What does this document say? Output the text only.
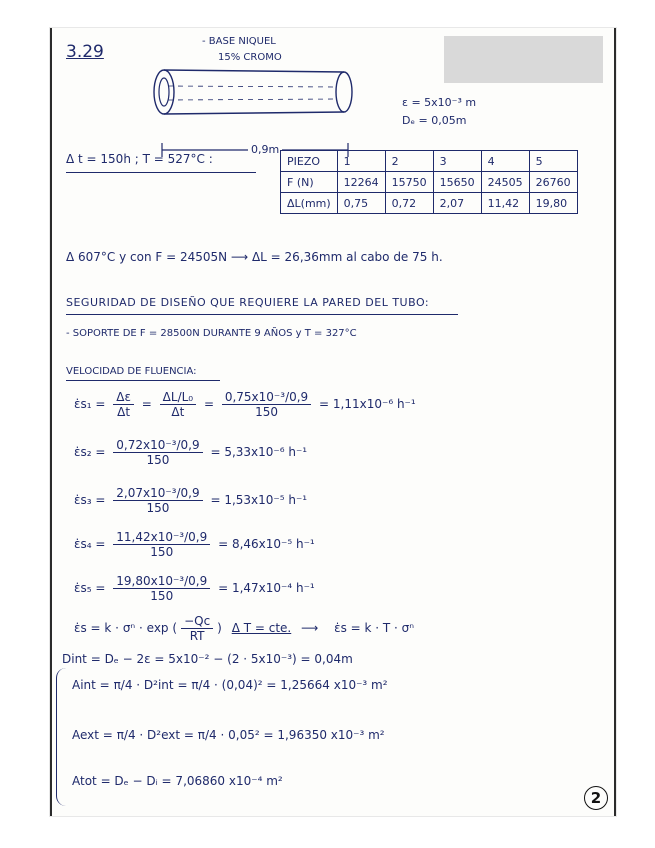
3.29
- BASE NIQUEL
15% CROMO
0,9m
ε = 5x10⁻³ m
Dₑ = 0,05m
Δ t = 150h ; T = 527°C :	PIEZO	1	2	3	4	5
F (N)	12264	15750	15650	24505	26760
ΔL(mm)	0,75	0,72	2,07	11,42	19,80
Δ 607°C y con F = 24505N ⟶ ΔL = 26,36mm al cabo de 75 h.
SEGURIDAD DE DISEÑO QUE REQUIERE LA PARED DEL TUBO:
- SOPORTE DE F = 28500N DURANTE 9 AÑOS y T = 327°C
VELOCIDAD DE FLUENCIA:
ε̇s₁ = $\frac{\Delta\varepsilon}{\Delta t} = \frac{\text{ΔL/L₀}}{\Delta t} = \frac{\text{0,75x10⁻³/0,9}}{150} = 1,11x10^{-6}$ h⁻¹
ε̇s₂ = $\frac{\text{0,72x10⁻³/0,9}}{150} = 5,33x10^{-6}$ h⁻¹
ε̇s₃ = $\frac{\text{2,07x10⁻³/0,9}}{150} = 1,53x10^{-5}$ h⁻¹
ε̇s₄ = $\frac{\text{11,42x10⁻³/0,9}}{150} = 8,46x10^{-5}$ h⁻¹
ε̇s₅ = $\frac{\text{19,80x10⁻³/0,9}}{150} = 1,47x10^{-4}$ h⁻¹
ε̇s = k · σⁿ · exp ( $\frac{-Qc}{RT}$ ) Δ T = cte. ⟶ ε̇s = k · T · σⁿ
Dint = Dₑ − 2ε = 5x10⁻² − (2 · 5x10⁻³) = 0,04m
Aint = π/4 · D²int = π/4 · (0,04)² = 1,25664 x10⁻³ m²
Aext = π/4 · D²ext = π/4 · 0,05² = 1,96350 x10⁻³ m²
Atot = Dₑ − Dᵢ = 7,06860 x10⁻⁴ m²
2
